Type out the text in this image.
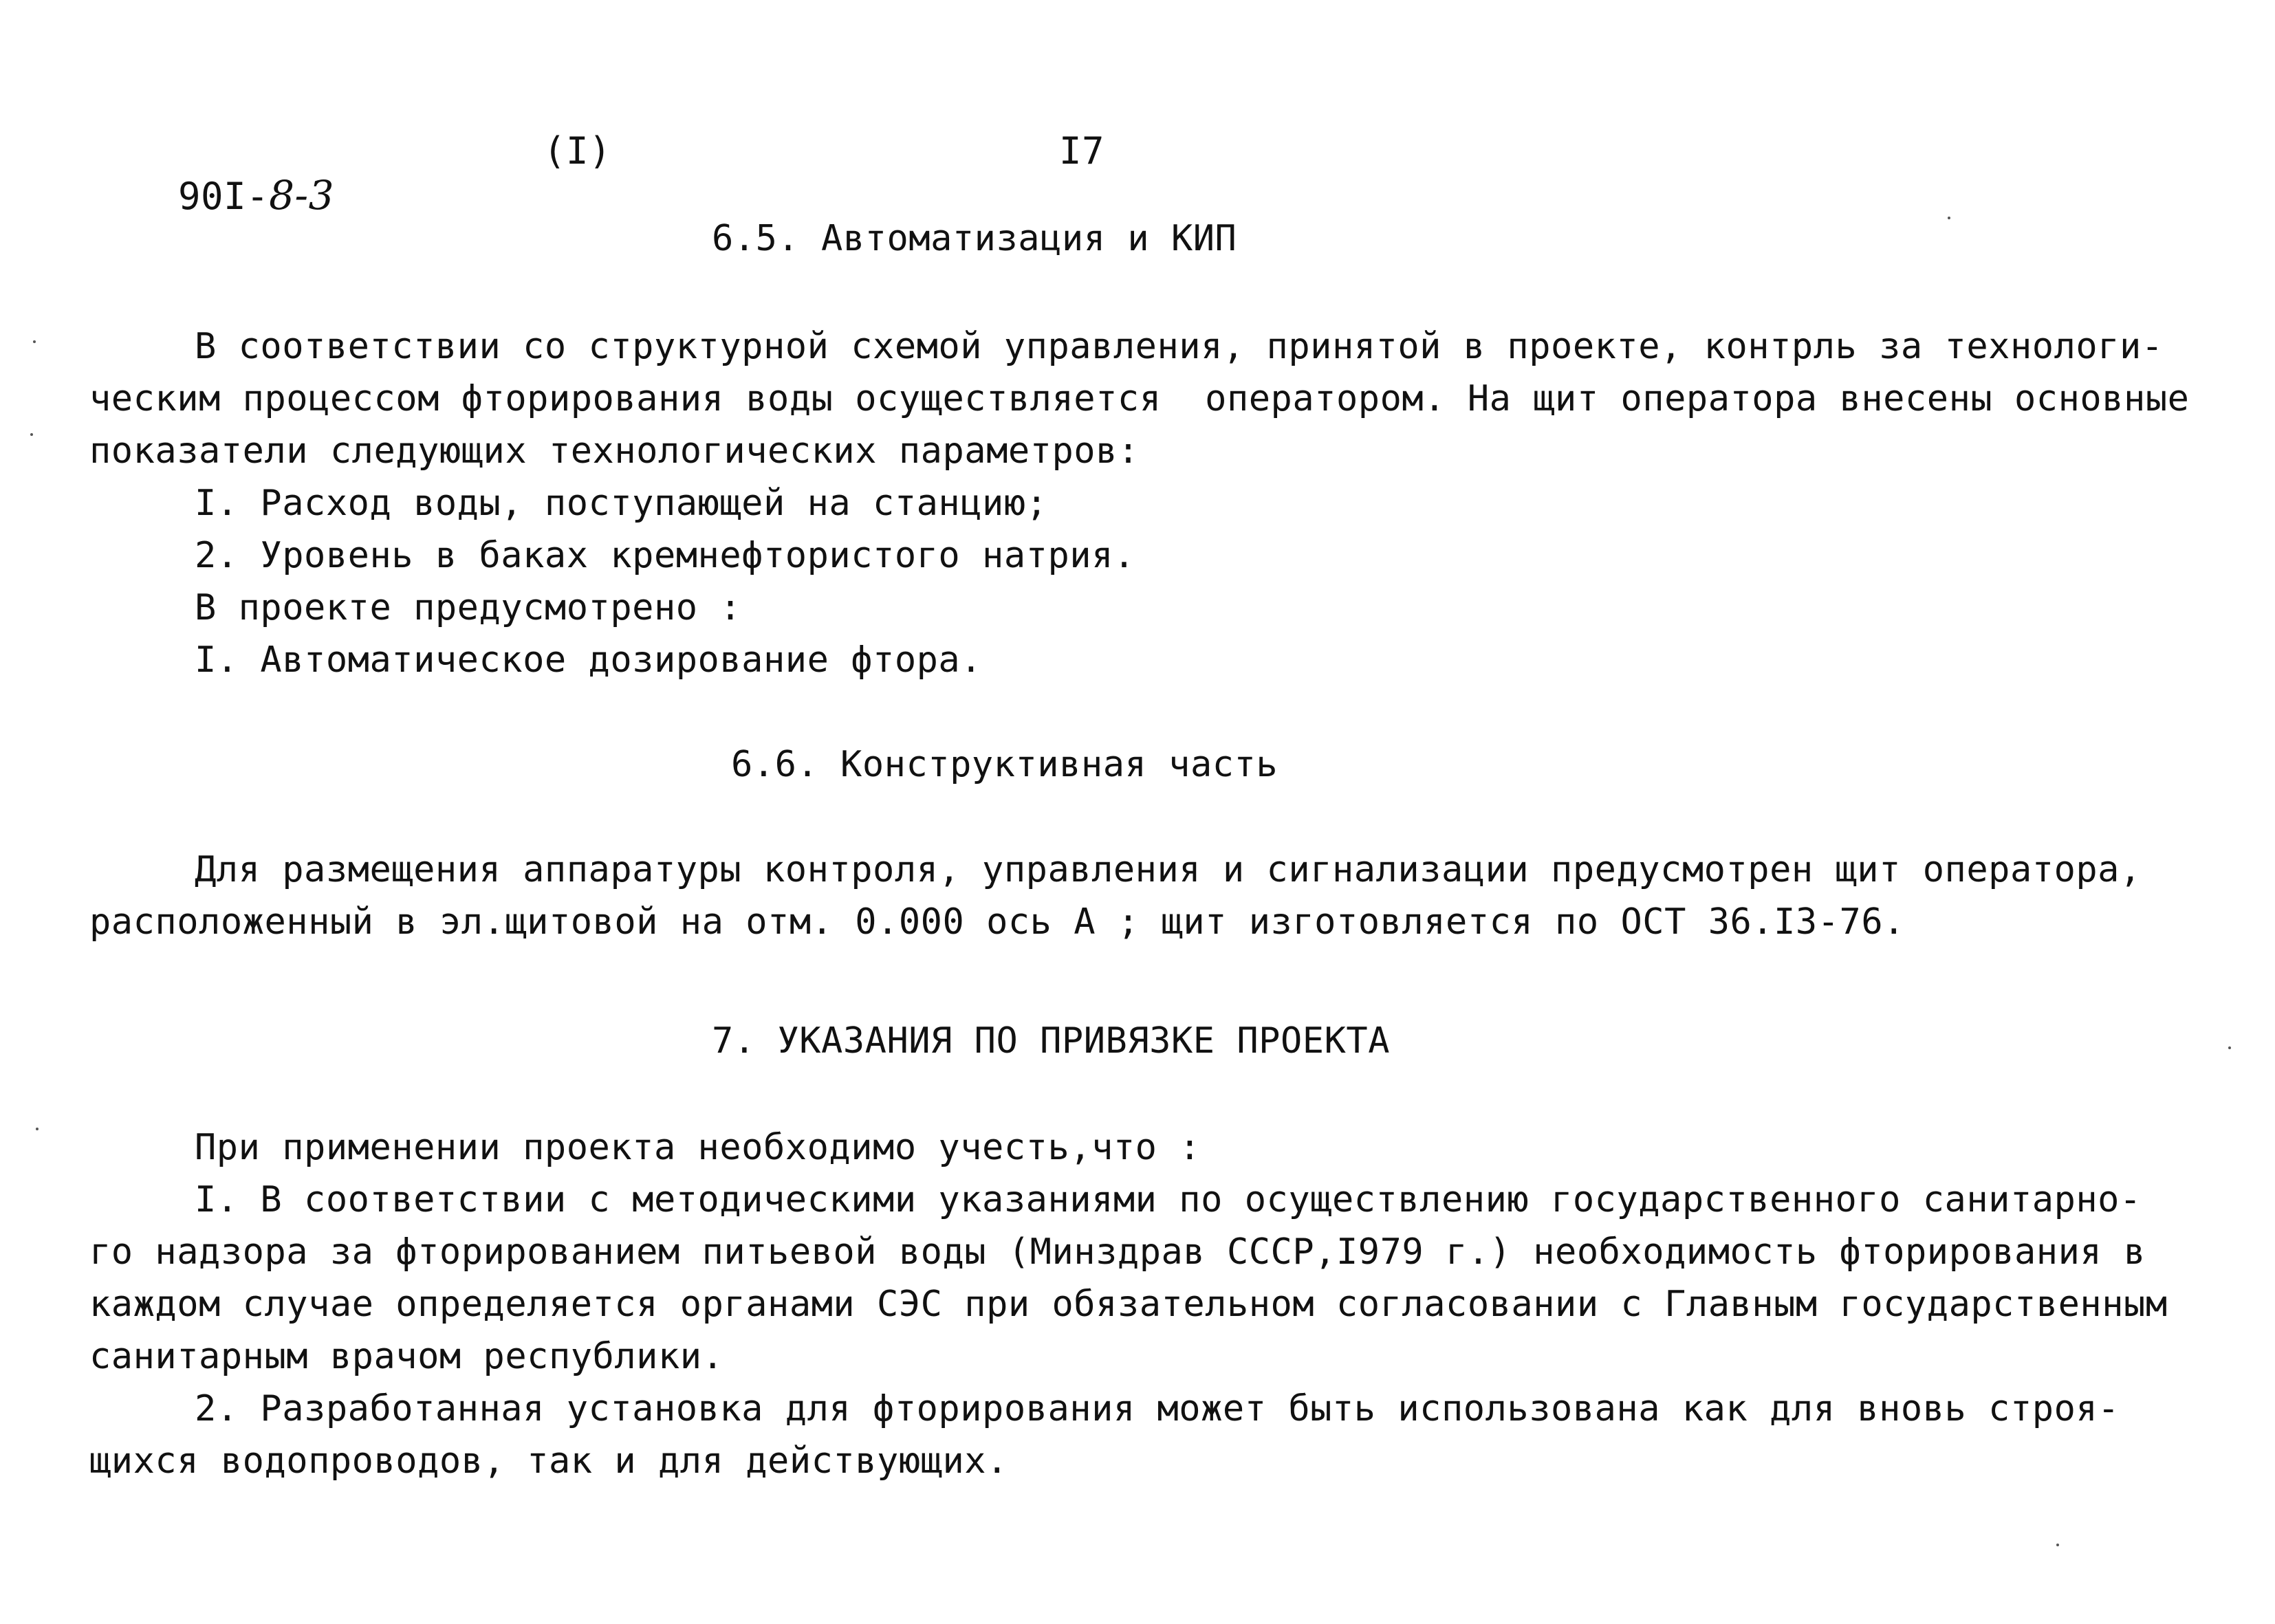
90I-8-3

(I)	I7
6.5. Автоматизация и КИП
В соответствии со структурной схемой управления, принятой в проекте, контрль за технологи-
ческим процессом фторирования воды осуществляется  оператором. На щит оператора внесены основные
показатели следующих технологических параметров:
I. Расход воды, поступающей на станцию;
2. Уровень в баках кремнефтористого натрия.
В проекте предусмотрено :
I. Автоматическое дозирование фтора.
6.6. Конструктивная часть
Для размещения аппаратуры контроля, управления и сигнализации предусмотрен щит оператора,
расположенный в эл.щитовой на отм. 0.000 ось А ; щит изготовляется по ОСТ 36.I3-76.
7. УКАЗАНИЯ ПО ПРИВЯЗКЕ ПРОЕКТА
При применении проекта необходимо учесть,что :
I. В соответствии с методическими указаниями по осуществлению государственного санитарно-
го надзора за фторированием питьевой воды (Минздрав СССР,I979 г.) необходимость фторирования в
каждом случае определяется органами СЭС при обязательном согласовании с Главным государственным
санитарным врачом республики.
2. Разработанная установка для фторирования может быть использована как для вновь строя-
щихся водопроводов, так и для действующих.
